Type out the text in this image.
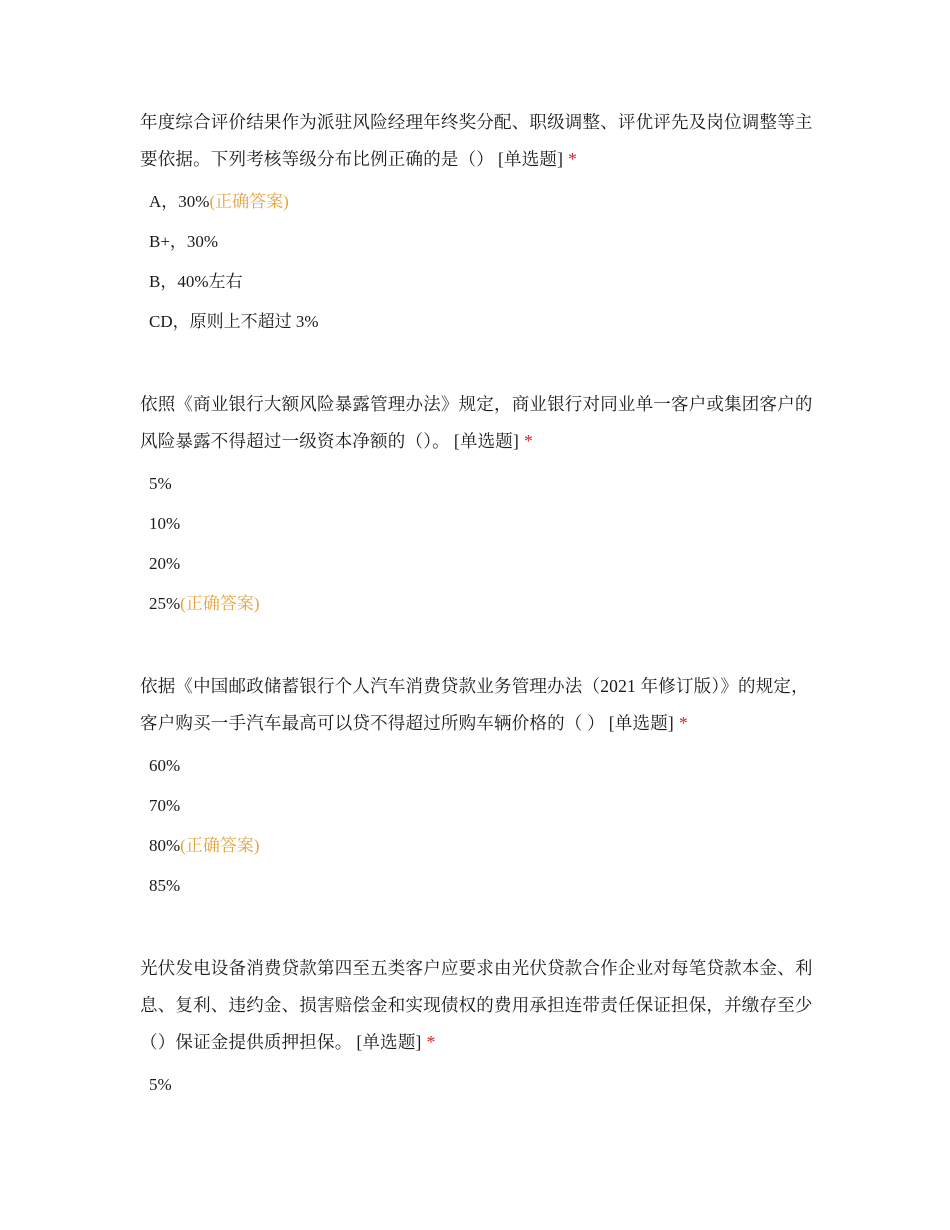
年度综合评价结果作为派驻风险经理年终奖分配、职级调整、评优评先及岗位调整等主要依据。下列考核等级分布比例正确的是（） [单选题] *
A，30%(正确答案)
B+，30%
B，40%左右
CD，原则上不超过 3%
依照《商业银行大额风险暴露管理办法》规定，商业银行对同业单一客户或集团客户的风险暴露不得超过一级资本净额的（）。 [单选题] *
5%
10%
20%
25%(正确答案)
依据《中国邮政储蓄银行个人汽车消费贷款业务管理办法（2021 年修订版）》的规定，客户购买一手汽车最高可以贷不得超过所购车辆价格的（ ） [单选题] *
60%
70%
80%(正确答案)
85%
光伏发电设备消费贷款第四至五类客户应要求由光伏贷款合作企业对每笔贷款本金、利息、复利、违约金、损害赔偿金和实现债权的费用承担连带责任保证担保，并缴存至少（）保证金提供质押担保。 [单选题] *
5%
